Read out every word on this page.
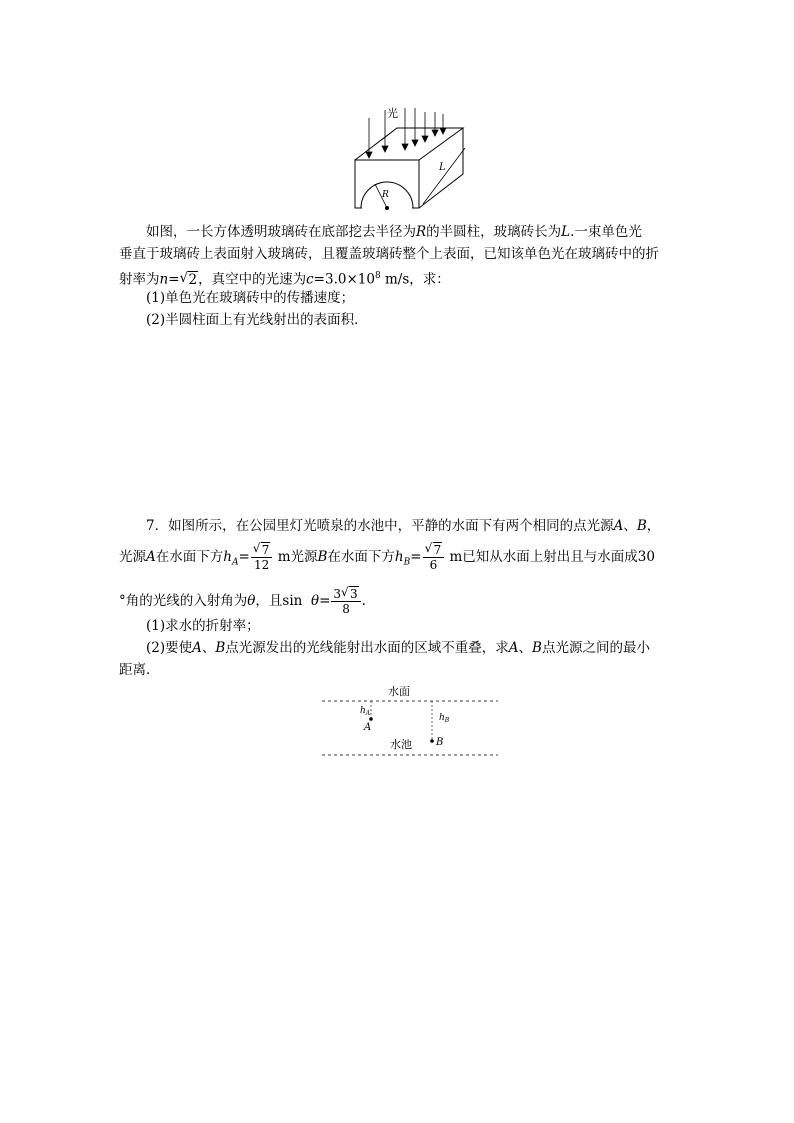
光
L
R
如图，一长方体透明玻璃砖在底部挖去半径为R的半圆柱，玻璃砖长为L.一束单色光
垂直于玻璃砖上表面射入玻璃砖，且覆盖玻璃砖整个上表面，已知该单色光在玻璃砖中的折
射率为n= √ 2，真空中的光速为$c=3.0\times 10^8$ m/s，求：
(1)单色光在玻璃砖中的传播速度；
(2)半圆柱面上有光线射出的表面积．
7．如图所示，在公园里灯光喷泉的水池中，平静的水面下有两个相同的点光源A、B，
光源A在水面下方$h_A= \frac{√ 7}{12}$ m光源B在水面下方$h_B= \frac{√ 7}{6}$ m已知从水面上射出且与水面成30
°角的光线的入射角为θ，且$\sin \theta= \frac{3 √ 3}{8}$ .
(1)求水的折射率；
(2)要使A、B点光源发出的光线能射出水面的区域不重叠，求A、B点光源之间的最小
距离．
水面
水池
$h_A$
A
$h_B$
B
